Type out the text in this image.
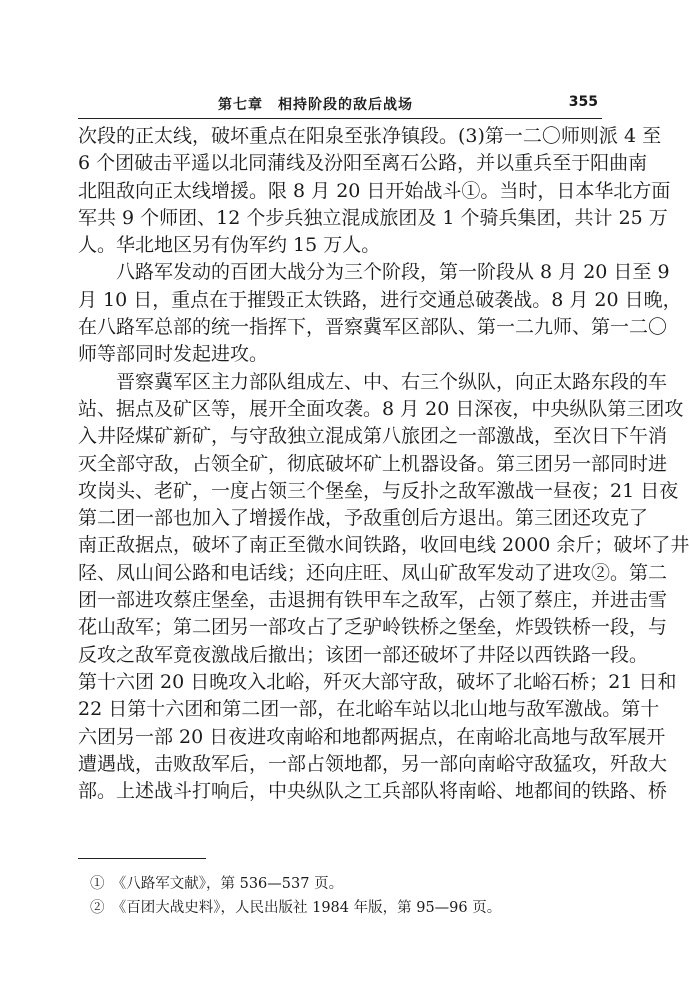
第七章　相持阶段的敌后战场	355
次段的正太线，破坏重点在阳泉至张净镇段。(3)第一二〇师则派 4 至
6 个团破击平遥以北同蒲线及汾阳至离石公路，并以重兵至于阳曲南
北阻敌向正太线增援。限 8 月 20 日开始战斗①。当时，日本华北方面
军共 9 个师团、12 个步兵独立混成旅团及 1 个骑兵集团，共计 25 万
人。华北地区另有伪军约 15 万人。
八路军发动的百团大战分为三个阶段，第一阶段从 8 月 20 日至 9
月 10 日，重点在于摧毁正太铁路，进行交通总破袭战。8 月 20 日晚，
在八路军总部的统一指挥下，晋察冀军区部队、第一二九师、第一二〇
师等部同时发起进攻。
晋察冀军区主力部队组成左、中、右三个纵队，向正太路东段的车
站、据点及矿区等，展开全面攻袭。8 月 20 日深夜，中央纵队第三团攻
入井陉煤矿新矿，与守敌独立混成第八旅团之一部激战，至次日下午消
灭全部守敌，占领全矿，彻底破坏矿上机器设备。第三团另一部同时进
攻岗头、老矿，一度占领三个堡垒，与反扑之敌军激战一昼夜；21 日夜
第二团一部也加入了增援作战，予敌重创后方退出。第三团还攻克了
南正敌据点，破坏了南正至微水间铁路，收回电线 2000 余斤；破坏了井
陉、凤山间公路和电话线；还向庄旺、凤山矿敌军发动了进攻②。第二
团一部进攻蔡庄堡垒，击退拥有铁甲车之敌军，占领了蔡庄，并进击雪
花山敌军；第二团另一部攻占了乏驴岭铁桥之堡垒，炸毁铁桥一段，与
反攻之敌军竟夜激战后撤出；该团一部还破坏了井陉以西铁路一段。
第十六团 20 日晚攻入北峪，歼灭大部守敌，破坏了北峪石桥；21 日和
22 日第十六团和第二团一部，在北峪车站以北山地与敌军激战。第十
六团另一部 20 日夜进攻南峪和地都两据点，在南峪北高地与敌军展开
遭遇战，击败敌军后，一部占领地都，另一部向南峪守敌猛攻，歼敌大
部。上述战斗打响后，中央纵队之工兵部队将南峪、地都间的铁路、桥
①　《八路军文献》，第 536—537 页。
②　《百团大战史料》，人民出版社 1984 年版，第 95—96 页。
